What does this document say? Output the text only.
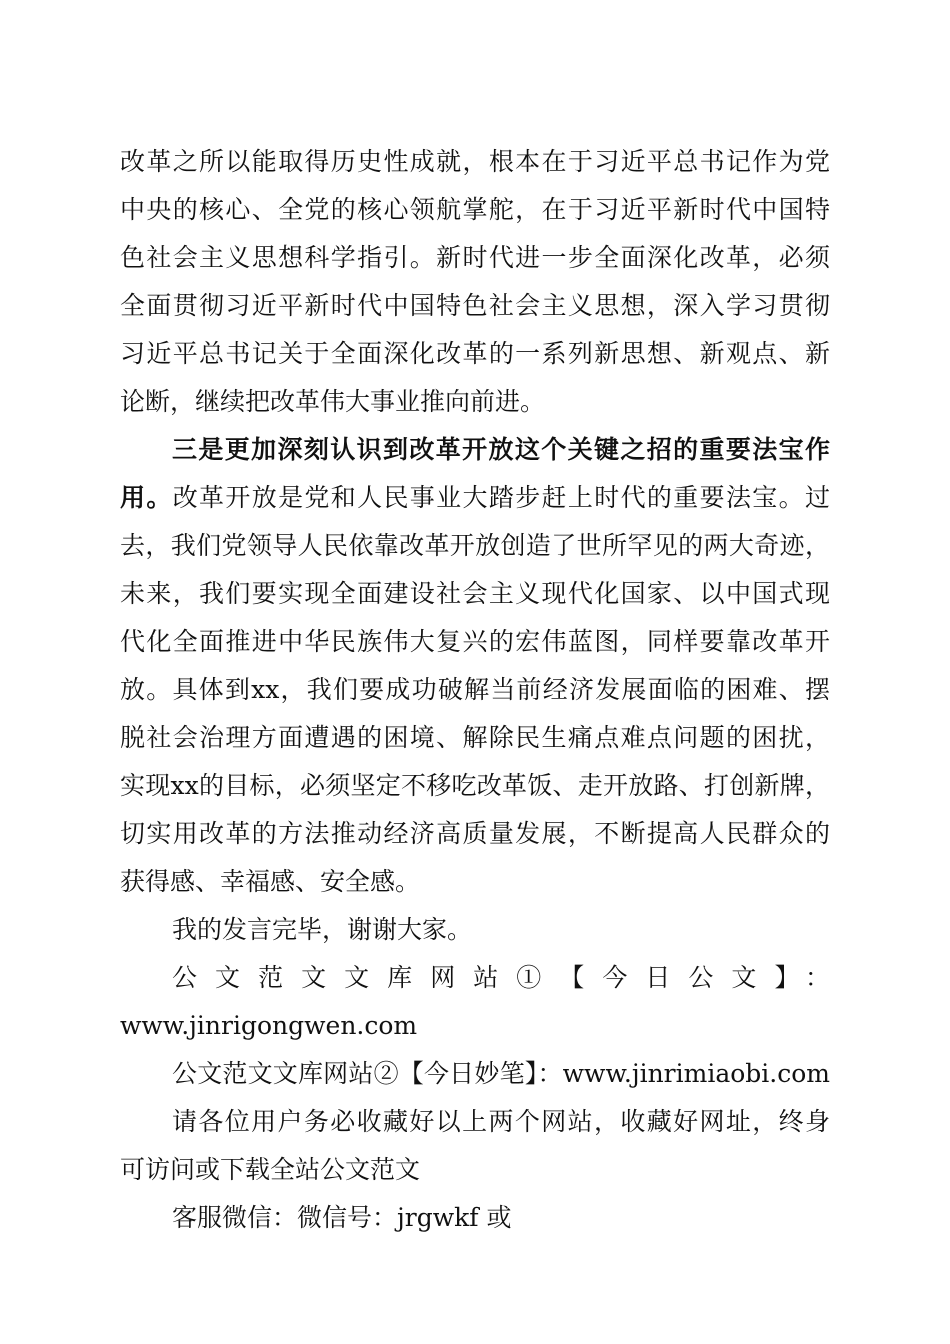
改革之所以能取得历史性成就，根本在于习近平总书记作为党
中央的核心、全党的核心领航掌舵，在于习近平新时代中国特
色社会主义思想科学指引。新时代进一步全面深化改革，必须
全面贯彻习近平新时代中国特色社会主义思想，深入学习贯彻
习近平总书记关于全面深化改革的一系列新思想、新观点、新
论断，继续把改革伟大事业推向前进。
三是更加深刻认识到改革开放这个关键之招的重要法宝作
用。改革开放是党和人民事业大踏步赶上时代的重要法宝。过
去，我们党领导人民依靠改革开放创造了世所罕见的两大奇迹，
未来，我们要实现全面建设社会主义现代化国家、以中国式现
代化全面推进中华民族伟大复兴的宏伟蓝图，同样要靠改革开
放。具体到xx，我们要成功破解当前经济发展面临的困难、摆
脱社会治理方面遭遇的困境、解除民生痛点难点问题的困扰，
实现xx的目标，必须坚定不移吃改革饭、走开放路、打创新牌，
切实用改革的方法推动经济高质量发展，不断提高人民群众的
获得感、幸福感、安全感。
我的发言完毕，谢谢大家。
公文范文文库网站①【今日公文】：
www.jinrigongwen.com
公文范文文库网站②【今日妙笔】：www.jinrimiaobi.com
请各位用户务必收藏好以上两个网站，收藏好网址，终身
可访问或下载全站公文范文
客服微信：微信号：jrgwkf 或
